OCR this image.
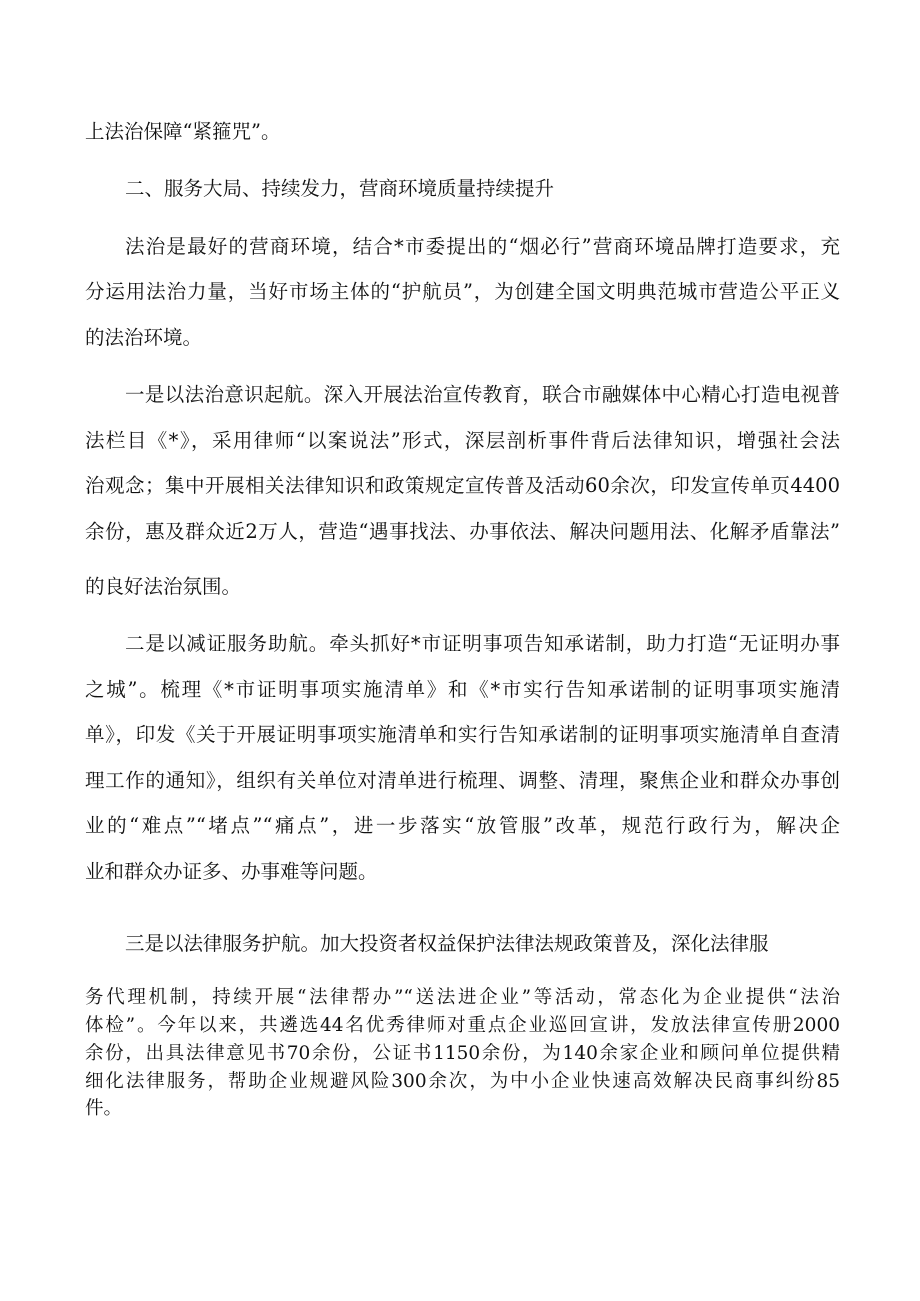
上法治保障“紧箍咒”。
二、服务大局、持续发力，营商环境质量持续提升
法治是最好的营商环境，结合*市委提出的“烟必行”营商环境品牌打造要求，充
分运用法治力量，当好市场主体的“护航员”，为创建全国文明典范城市营造公平正义
的法治环境。
一是以法治意识起航。深入开展法治宣传教育，联合市融媒体中心精心打造电视普
法栏目《*》，采用律师“以案说法”形式，深层剖析事件背后法律知识，增强社会法
治观念；集中开展相关法律知识和政策规定宣传普及活动60余次，印发宣传单页4400
余份，惠及群众近2万人，营造“遇事找法、办事依法、解决问题用法、化解矛盾靠法”
的良好法治氛围。
二是以减证服务助航。牵头抓好*市证明事项告知承诺制，助力打造“无证明办事
之城”。梳理《*市证明事项实施清单》和《*市实行告知承诺制的证明事项实施清
单》，印发《关于开展证明事项实施清单和实行告知承诺制的证明事项实施清单自查清
理工作的通知》，组织有关单位对清单进行梳理、调整、清理，聚焦企业和群众办事创
业的“难点”“堵点”“痛点”，进一步落实“放管服”改革，规范行政行为，解决企
业和群众办证多、办事难等问题。
三是以法律服务护航。加大投资者权益保护法律法规政策普及，深化法律服
务代理机制，持续开展“法律帮办”“送法进企业”等活动，常态化为企业提供“法治
体检”。今年以来，共遴选44名优秀律师对重点企业巡回宣讲，发放法律宣传册2000
余份，出具法律意见书70余份，公证书1150余份，为140余家企业和顾问单位提供精
细化法律服务，帮助企业规避风险300余次，为中小企业快速高效解决民商事纠纷85
件。
